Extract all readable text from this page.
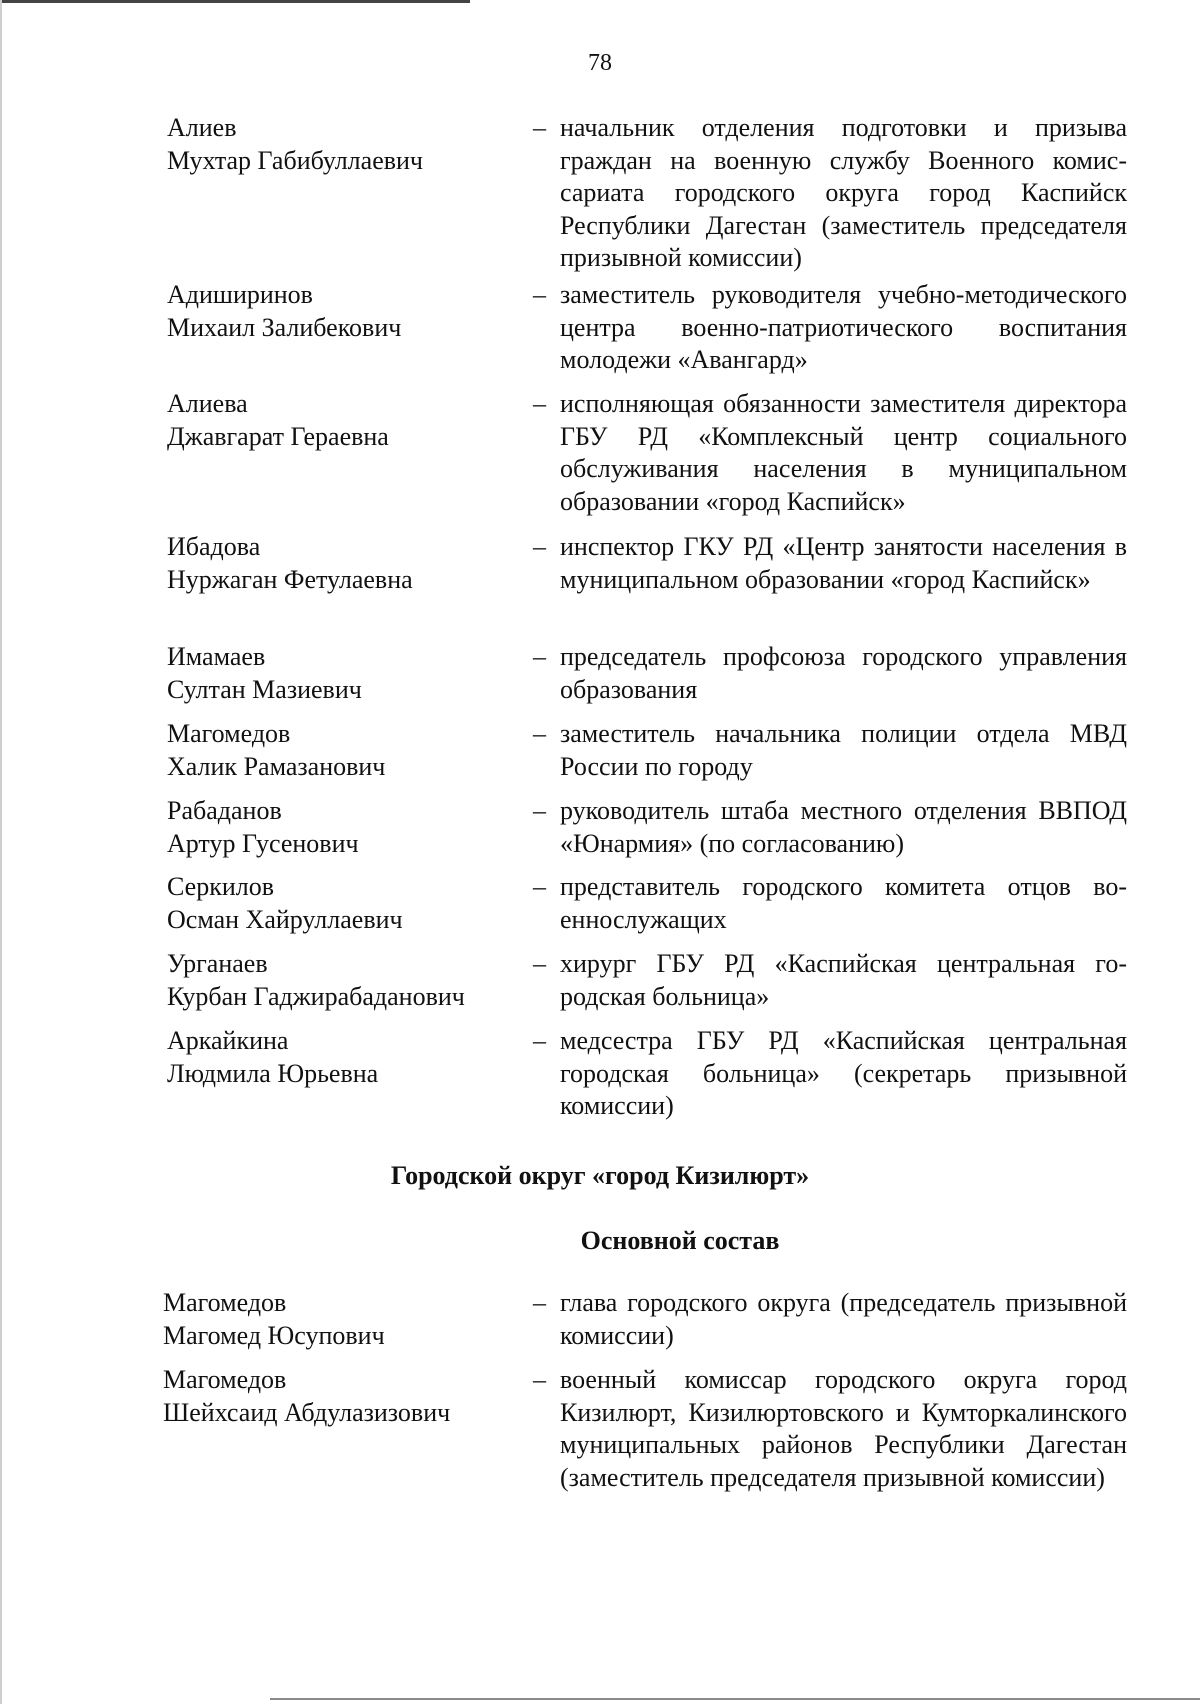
78
Алиев
Мухтар Габибуллаевич
– начальник отделения подготовки и призыва граждан на военную службу Военного комиссариата городского округа город Каспийск Республики Дагестан (заместитель председателя призывной комиссии)
Адиширинов
Михаил Залибекович
– заместитель руководителя учебно-методического центра военно-патриотического воспитания молодежи «Авангард»
Алиева
Джавгарат Гераевна
– исполняющая обязанности заместителя директора ГБУ РД «Комплексный центр социального обслуживания населения в муниципальном образовании «город Каспийск»
Ибадова
Нуржаган Фетулаевна
– инспектор ГКУ РД «Центр занятости населения в муниципальном образовании «город Каспийск»
Имамаев
Султан Мазиевич
– председатель профсоюза городского управления образования
Магомедов
Халик Рамазанович
– заместитель начальника полиции отдела МВД России по городу
Рабаданов
Артур Гусенович
– руководитель штаба местного отделения ВВПОД «Юнармия» (по согласованию)
Серкилов
Осман Хайруллаевич
– представитель городского комитета отцов военнослужащих
Урганаев
Курбан Гаджирабаданович
– хирург ГБУ РД «Каспийская центральная городская больница»
Аркайкина
Людмила Юрьевна
– медсестра ГБУ РД «Каспийская центральная городская больница» (секретарь призывной комиссии)
Городской округ «город Кизилюрт»
Основной состав
Магомедов
Магомед Юсупович
– глава городского округа (председатель призывной комиссии)
Магомедов
Шейхсаид Абдулазизович
– военный комиссар городского округа город Кизилюрт, Кизилюртовского и Кумторкалинского муниципальных районов Республики Дагестан (заместитель председателя призывной комиссии)
